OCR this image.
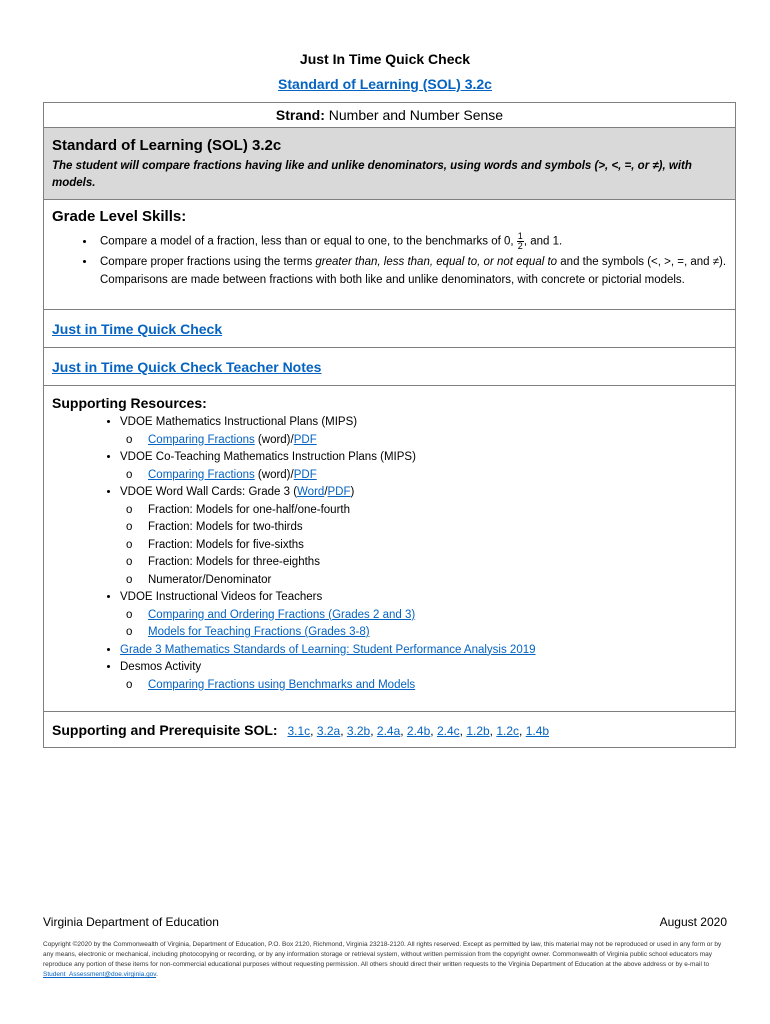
Just In Time Quick Check
Standard of Learning (SOL) 3.2c
Strand: Number and Number Sense
Standard of Learning (SOL) 3.2c
The student will compare fractions having like and unlike denominators, using words and symbols (>, <, =, or ≠), with models.
Grade Level Skills:
• Compare a model of a fraction, less than or equal to one, to the benchmarks of 0, $\frac{1}{2}$ , and 1.
• Compare proper fractions using the terms greater than, less than, equal to, or not equal to and the symbols (<, >, =, and ≠). Comparisons are made between fractions with both like and unlike denominators, with concrete or pictorial models.
Just in Time Quick Check
Just in Time Quick Check Teacher Notes
Supporting Resources:
• VDOE Mathematics Instructional Plans (MIPS)
o Comparing Fractions (word)/PDF
• VDOE Co-Teaching Mathematics Instruction Plans (MIPS)
o Comparing Fractions (word)/PDF
• VDOE Word Wall Cards: Grade 3 (Word/PDF)
o Fraction: Models for one-half/one-fourth
o Fraction: Models for two-thirds
o Fraction: Models for five-sixths
o Fraction: Models for three-eighths
o Numerator/Denominator
• VDOE Instructional Videos for Teachers
o Comparing and Ordering Fractions (Grades 2 and 3)
o Models for Teaching Fractions (Grades 3-8)
• Grade 3 Mathematics Standards of Learning: Student Performance Analysis 2019
• Desmos Activity
o Comparing Fractions using Benchmarks and Models
Supporting and Prerequisite SOL: 3.1c, 3.2a, 3.2b, 2.4a, 2.4b, 2.4c, 1.2b, 1.2c, 1.4b
Virginia Department of Education	August 2020
Copyright ©2020 by the Commonwealth of Virginia, Department of Education, P.O. Box 2120, Richmond, Virginia 23218-2120. All rights reserved. Except as permitted by law, this material may not be reproduced or used in any form or by any means, electronic or mechanical, including photocopying or recording, or by any information storage or retrieval system, without written permission from the copyright owner. Commonwealth of Virginia public school educators may reproduce any portion of these items for non-commercial educational purposes without requesting permission. All others should direct their written requests to the Virginia Department of Education at the above address or by e-mail to Student_Assessment@doe.virginia.gov.
